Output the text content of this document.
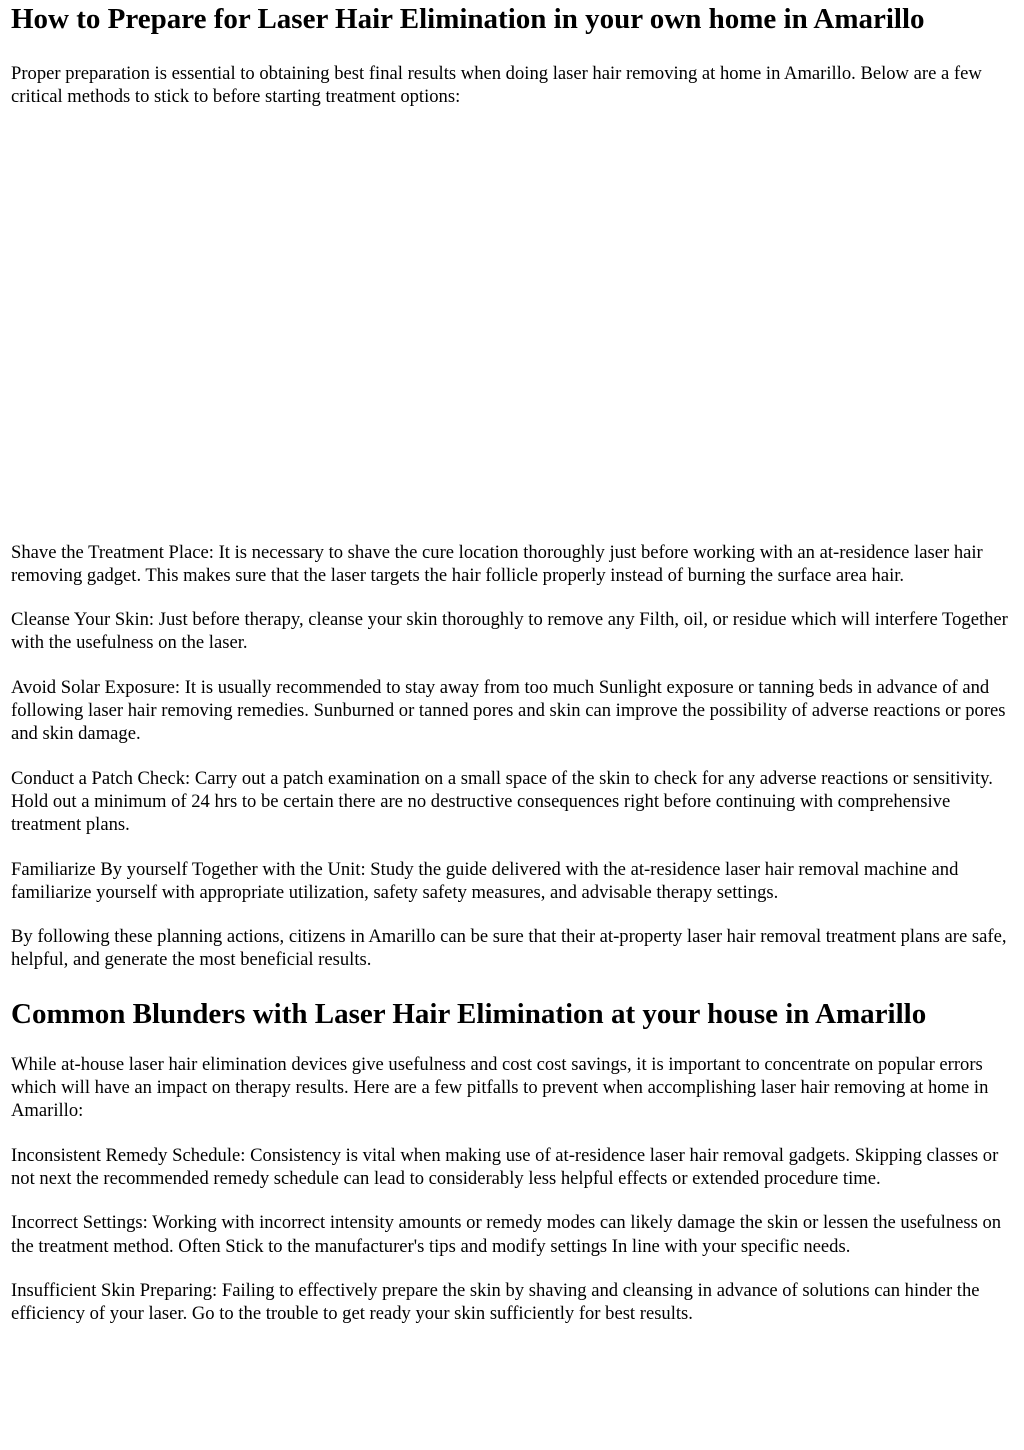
How to Prepare for Laser Hair Elimination in your own home in Amarillo

Proper preparation is essential to obtaining best final results when doing laser hair removing at home in Amarillo. Below are a few critical methods to stick to before starting treatment options:

Shave the Treatment Place: It is necessary to shave the cure location thoroughly just before working with an at-residence laser hair removing gadget. This makes sure that the laser targets the hair follicle properly instead of burning the surface area hair.

Cleanse Your Skin: Just before therapy, cleanse your skin thoroughly to remove any Filth, oil, or residue which will interfere Together with the usefulness on the laser.

Avoid Solar Exposure: It is usually recommended to stay away from too much Sunlight exposure or tanning beds in advance of and following laser hair removing remedies. Sunburned or tanned pores and skin can improve the possibility of adverse reactions or pores and skin damage.

Conduct a Patch Check: Carry out a patch examination on a small space of the skin to check for any adverse reactions or sensitivity. Hold out a minimum of 24 hrs to be certain there are no destructive consequences right before continuing with comprehensive treatment plans.

Familiarize By yourself Together with the Unit: Study the guide delivered with the at-residence laser hair removal machine and familiarize yourself with appropriate utilization, safety safety measures, and advisable therapy settings.

By following these planning actions, citizens in Amarillo can be sure that their at-property laser hair removal treatment plans are safe, helpful, and generate the most beneficial results.

Common Blunders with Laser Hair Elimination at your house in Amarillo

While at-house laser hair elimination devices give usefulness and cost cost savings, it is important to concentrate on popular errors which will have an impact on therapy results. Here are a few pitfalls to prevent when accomplishing laser hair removing at home in Amarillo:

Inconsistent Remedy Schedule: Consistency is vital when making use of at-residence laser hair removal gadgets. Skipping classes or not next the recommended remedy schedule can lead to considerably less helpful effects or extended procedure time.

Incorrect Settings: Working with incorrect intensity amounts or remedy modes can likely damage the skin or lessen the usefulness on the treatment method. Often Stick to the manufacturer's tips and modify settings In line with your specific needs.

Insufficient Skin Preparing: Failing to effectively prepare the skin by shaving and cleansing in advance of solutions can hinder the efficiency of your laser. Go to the trouble to get ready your skin sufficiently for best results.
